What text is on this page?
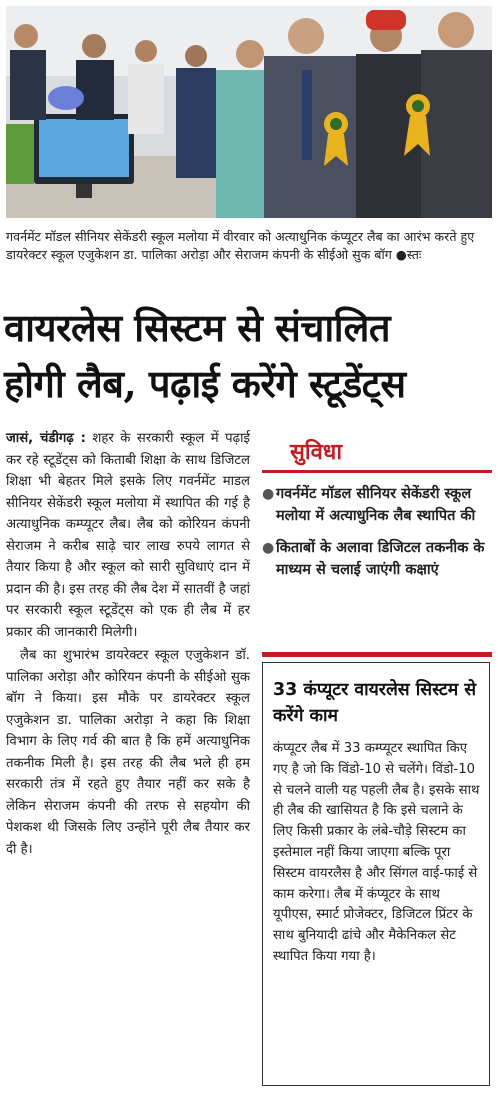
गवर्नमेंट मॉडल सीनियर सेकेंडरी स्कूल मलोया में वीरवार को अत्याधुनिक कंप्यूटर लैब का आरंभ करते हुए डायरेक्टर स्कूल एजुकेशन डा. पालिका अरोड़ा और सेराजम कंपनी के सीईओ सुक बॉग ●स्तः
वायरलेस सिस्टम से संचालित
होगी लैब, पढ़ाई करेंगे स्टूडेंट्स

जासं, चंडीगढ़ : शहर के सरकारी स्कूल में पढ़ाई कर रहे स्टूडेंट्स को किताबी शिक्षा के साथ डिजिटल शिक्षा भी बेहतर मिले इसके लिए गवर्नमेंट माडल सीनियर सेकेंडरी स्कूल मलोया में स्थापित की गई है अत्याधुनिक कम्प्यूटर लैब। लैब को कोरियन कंपनी सेराजम ने करीब साढ़े चार लाख रुपये लागत से तैयार किया है और स्कूल को सारी सुविधाएं दान में प्रदान की है। इस तरह की लैब देश में सातवीं है जहां पर सरकारी स्कूल स्टूडेंट्स को एक ही लैब में हर प्रकार की जानकारी मिलेगी।

लैब का शुभारंभ डायरेक्टर स्कूल एजुकेशन डॉ. पालिका अरोड़ा और कोरियन कंपनी के सीईओ सुक बॉग ने किया। इस मौके पर डायरेक्टर स्कूल एजुकेशन डा. पालिका अरोड़ा ने कहा कि शिक्षा विभाग के लिए गर्व की बात है कि हमें अत्याधुनिक तकनीक मिली है। इस तरह की लैब भले ही हम सरकारी तंत्र में रहते हुए तैयार नहीं कर सके है लेकिन सेराजम कंपनी की तरफ से सहयोग की पेशकश थी जिसके लिए उन्होंने पूरी लैब तैयार कर दी है।

सुविधा
● गवर्नमेंट मॉडल सीनियर सेकेंडरी स्कूल मलोया में अत्याधुनिक लैब स्थापित की
● किताबों के अलावा डिजिटल तकनीक के माध्यम से चलाई जाएंगी कक्षाएं
33 कंप्यूटर वायरलेस सिस्टम से करेंगे काम

कंप्यूटर लैब में 33 कम्प्यूटर स्थापित किए गए है जो कि विंडो-10 से चलेंगे। विंडो-10 से चलने वाली यह पहली लैब है। इसके साथ ही लैब की खासियत है कि इसे चलाने के लिए किसी प्रकार के लंबे-चौड़े सिस्टम का इस्तेमाल नहीं किया जाएगा बल्कि पूरा सिस्टम वायरलैस है और सिंगल वाई-फाई से काम करेगा। लैब में कंप्यूटर के साथ यूपीएस, स्मार्ट प्रोजेक्टर, डिजिटल प्रिंटर के साथ बुनियादी ढांचे और मैकेनिकल सेट स्थापित किया गया है।
